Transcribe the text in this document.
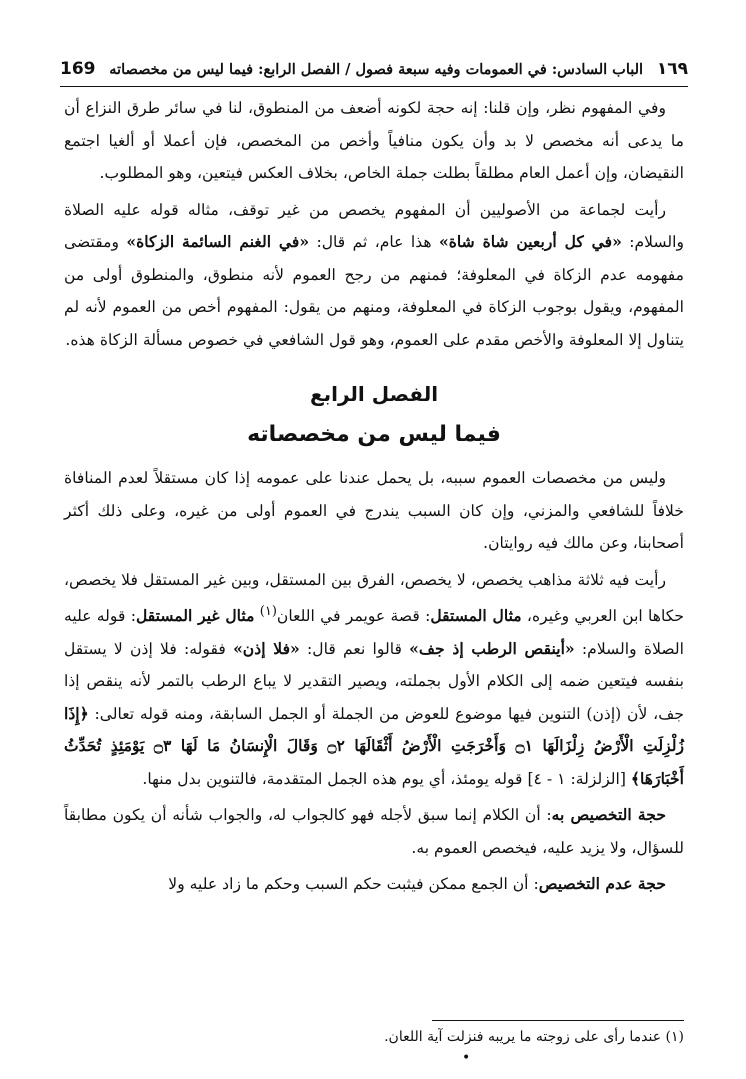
169 الباب السادس: في العمومات وفيه سبعة فصول / الفصل الرابع: فيما ليس من مخصصاته ١٦٩

وفي المفهوم نظر، وإن قلنا: إنه حجة لكونه أضعف من المنطوق، لنا في سائر طرق النزاع أن ما يدعى أنه مخصص لا بد وأن يكون منافياً وأخص من المخصص، فإن أعملا أو ألغيا اجتمع النقيضان، وإن أعمل العام مطلقاً بطلت جملة الخاص، بخلاف العكس فيتعين، وهو المطلوب.

رأيت لجماعة من الأصوليين أن المفهوم يخصص من غير توقف، مثاله قوله عليه الصلاة والسلام: «في كل أربعين شاة شاة» هذا عام، ثم قال: «في الغنم السائمة الزكاة» ومقتضى مفهومه عدم الزكاة في المعلوفة؛ فمنهم من رجح العموم لأنه منطوق، والمنطوق أولى من المفهوم، ويقول بوجوب الزكاة في المعلوفة، ومنهم من يقول: المفهوم أخص من العموم لأنه لم يتناول إلا المعلوفة والأخص مقدم على العموم، وهو قول الشافعي في خصوص مسألة الزكاة هذه.

الفصل الرابع
فيما ليس من مخصصاته

وليس من مخصصات العموم سببه، بل يحمل عندنا على عمومه إذا كان مستقلاً لعدم المنافاة خلافاً للشافعي والمزني، وإن كان السبب يندرج في العموم أولى من غيره، وعلى ذلك أكثر أصحابنا، وعن مالك فيه روايتان.

رأيت فيه ثلاثة مذاهب يخصص، لا يخصص، الفرق بين المستقل، وبين غير المستقل فلا يخصص، حكاها ابن العربي وغيره، مثال المستقل: قصة عويمر في اللعان$^{(١)}$ مثال غير المستقل: قوله عليه الصلاة والسلام: «أينقص الرطب إذ جف» قالوا نعم قال: «فلا إذن» فقوله: فلا إذن لا يستقل بنفسه فيتعين ضمه إلى الكلام الأول بجملته، ويصير التقدير لا يباع الرطب بالتمر لأنه ينقص إذا جف، لأن (إذن) التنوين فيها موضوع للعوض من الجملة أو الجمل السابقة، ومنه قوله تعالى: ﴿إِذَا زُلْزِلَتِ الْأَرْضُ زِلْزَالَهَا ۝١ وَأَخْرَجَتِ الْأَرْضُ أَثْقَالَهَا ۝٢ وَقَالَ الْإِنسَانُ مَا لَهَا ۝٣ يَوْمَئِذٍ تُحَدِّثُ أَخْبَارَهَا﴾ [الزلزلة: ١ - ٤] قوله يومئذ، أي يوم هذه الجمل المتقدمة، فالتنوين بدل منها.

حجة التخصيص به: أن الكلام إنما سبق لأجله فهو كالجواب له، والجواب شأنه أن يكون مطابقاً للسؤال، ولا يزيد عليه، فيخصص العموم به.

حجة عدم التخصيص: أن الجمع ممكن فيثبت حكم السبب وحكم ما زاد عليه ولا

(١) عندما رأى على زوجته ما يريبه فنزلت آية اللعان.
•
